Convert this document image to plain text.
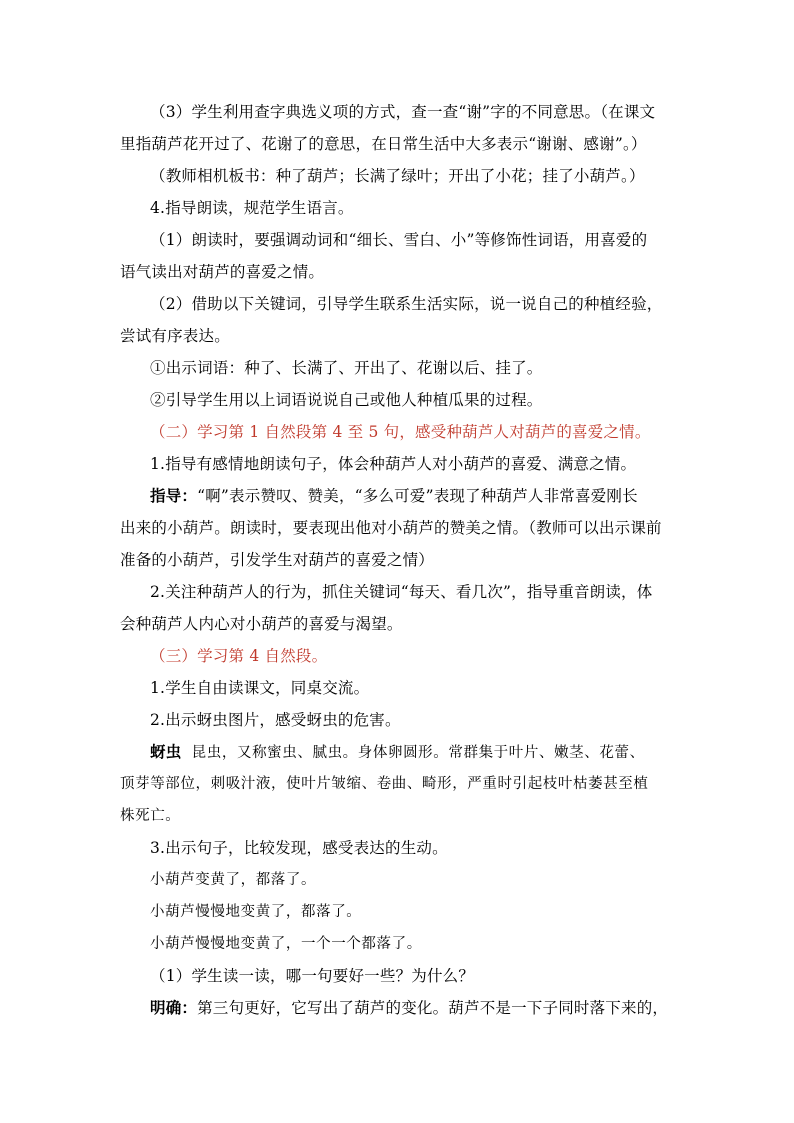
（3）学生利用查字典选义项的方式，查一查“谢”字的不同意思。（在课文
里指葫芦花开过了、花谢了的意思，在日常生活中大多表示“谢谢、感谢”。）
（教师相机板书：种了葫芦；长满了绿叶；开出了小花；挂了小葫芦。）
4.指导朗读，规范学生语言。
（1）朗读时，要强调动词和“细长、雪白、小”等修饰性词语，用喜爱的
语气读出对葫芦的喜爱之情。
（2）借助以下关键词，引导学生联系生活实际，说一说自己的种植经验，
尝试有序表达。
①出示词语：种了、长满了、开出了、花谢以后、挂了。
②引导学生用以上词语说说自己或他人种植瓜果的过程。
（二）学习第 1 自然段第 4 至 5 句，感受种葫芦人对葫芦的喜爱之情。
1.指导有感情地朗读句子，体会种葫芦人对小葫芦的喜爱、满意之情。
指导：“啊”表示赞叹、赞美，“多么可爱”表现了种葫芦人非常喜爱刚长
出来的小葫芦。朗读时，要表现出他对小葫芦的赞美之情。（教师可以出示课前
准备的小葫芦，引发学生对葫芦的喜爱之情）
2.关注种葫芦人的行为，抓住关键词“每天、看几次”，指导重音朗读，体
会种葫芦人内心对小葫芦的喜爱与渴望。
（三）学习第 4 自然段。
1.学生自由读课文，同桌交流。
2.出示蚜虫图片，感受蚜虫的危害。
蚜虫 昆虫，又称蜜虫、腻虫。身体卵圆形。常群集于叶片、嫩茎、花蕾、
顶芽等部位，刺吸汁液，使叶片皱缩、卷曲、畸形，严重时引起枝叶枯萎甚至植
株死亡。
3.出示句子，比较发现，感受表达的生动。
小葫芦变黄了，都落了。
小葫芦慢慢地变黄了，都落了。
小葫芦慢慢地变黄了，一个一个都落了。
（1）学生读一读，哪一句要好一些？为什么？
明确：第三句更好，它写出了葫芦的变化。葫芦不是一下子同时落下来的，
